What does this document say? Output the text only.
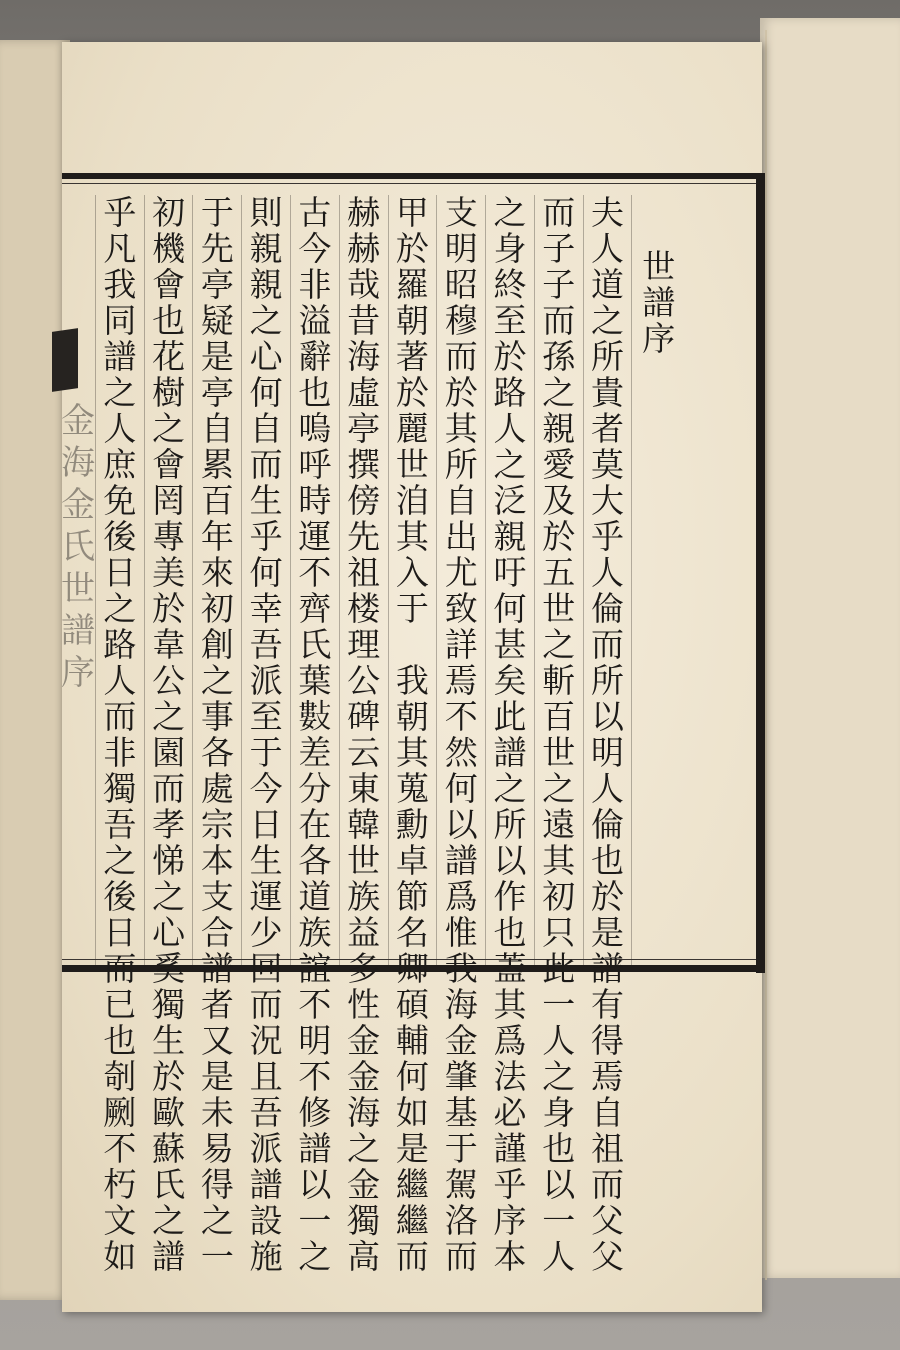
金
海
金
氏
世
譜
序
世
譜
序
夫
人
道
之
所
貴
者
莫
大
乎
人
倫
而
所
以
明
人
倫
也
於
是
譜
有
得
焉
自
祖
而
父
父
而
子
子
而
孫
之
親
愛
及
於
五
世
之
斬
百
世
之
遠
其
初
只
此
一
人
之
身
也
以
一
人
之
身
終
至
於
路
人
之
泛
親
吁
何
甚
矣
此
譜
之
所
以
作
也
蓋
其
爲
法
必
謹
乎
序
本
支
明
昭
穆
而
於
其
所
自
出
尤
致
詳
焉
不
然
何
以
譜
爲
惟
我
海
金
肇
基
于
駕
洛
而
甲
於
羅
朝
著
於
麗
世
洎
其
入
于

我
朝
其
蒐
勳
卓
節
名
卿
碩
輔
何
如
是
繼
繼
而
赫
赫
哉
昔
海
虛
亭
撰
傍
先
祖
楼
理
公
碑
云
東
韓
世
族
益
多
性
金
金
海
之
金
獨
高
古
今
非
溢
辭
也
嗚
呼
時
運
不
齊
氏
葉
𢿘
差
分
在
各
道
族
誼
不
明
不
修
譜
以
一
之
則
親
親
之
心
何
自
而
生
乎
何
幸
吾
派
至
于
今
日
生
運
少
回
而
況
且
吾
派
譜
設
施
于
先
亭
疑
是
亭
自
累
百
年
來
初
創
之
事
各
處
宗
本
支
合
譜
者
又
是
未
易
得
之
一
初
機
會
也
花
樹
之
會
罔
專
美
於
韋
公
之
園
而
孝
悌
之
心
奚
獨
生
於
歐
蘇
氏
之
譜
乎
凡
我
同
譜
之
人
庶
免
後
日
之
路
人
而
非
獨
吾
之
後
日
而
已
也
剞
劂
不
朽
文
如
